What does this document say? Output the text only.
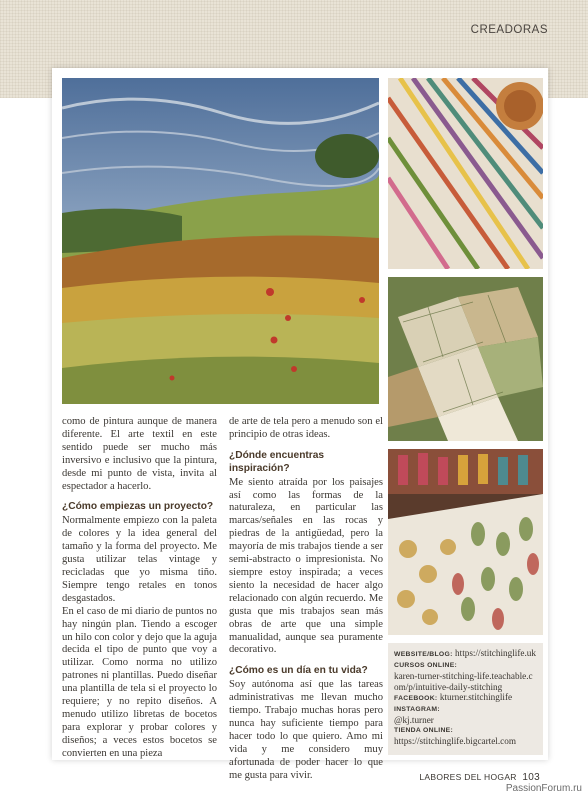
CREADORAS

como de pintura aunque de manera diferente. El arte textil en este sentido puede ser mucho más inversivo e inclusivo que la pintura, desde mi punto de vista, invita al espectador a hacerlo.

¿Cómo empiezas un proyecto?

Normalmente empiezo con la paleta de colores y la idea general del tamaño y la forma del proyecto. Me gusta utilizar telas vintage y recicladas que yo misma tiño. Siempre tengo retales en tonos desgastados.

En el caso de mi diario de puntos no hay ningún plan. Tiendo a escoger un hilo con color y dejo que la aguja decida el tipo de punto que voy a utilizar. Como norma no utilizo patrones ni plantillas. Puedo diseñar una plantilla de tela si el proyecto lo requiere; y no repito diseños. A menudo utilizo libretas de bocetos para explorar y probar colores y diseños; a veces estos bocetos se convierten en una pieza

de arte de tela pero a menudo son el principio de otras ideas.

¿Dónde encuentras inspiración?

Me siento atraída por los paisajes así como las formas de la naturaleza, en particular las marcas/señales en las rocas y piedras de la antigüedad, pero la mayoría de mis trabajos tiende a ser semi-abstracto o impresionista. No siempre estoy inspirada; a veces siento la necesidad de hacer algo relacionado con algún recuerdo. Me gusta que mis trabajos sean más obras de arte que una simple manualidad, aunque sea puramente decorativo.

¿Cómo es un día en tu vida?

Soy autónoma así que las tareas administrativas me llevan mucho tiempo. Trabajo muchas horas pero nunca hay suficiente tiempo para hacer todo lo que quiero. Amo mi vida y me considero muy afortunada de poder hacer lo que me gusta para vivir.

WEBSITE/BLOG: https://stitchinglife.uk
CURSOS ONLINE:
karen-turner-stitching-life.teachable.com/p/intuitive-daily-stitching
FACEBOOK: kturner.stitchinglife
INSTAGRAM:
@kj.turner
TIENDA ONLINE:
https://stitchinglife.bigcartel.com
LABORES DEL HOGAR 103
PassionForum.ru
